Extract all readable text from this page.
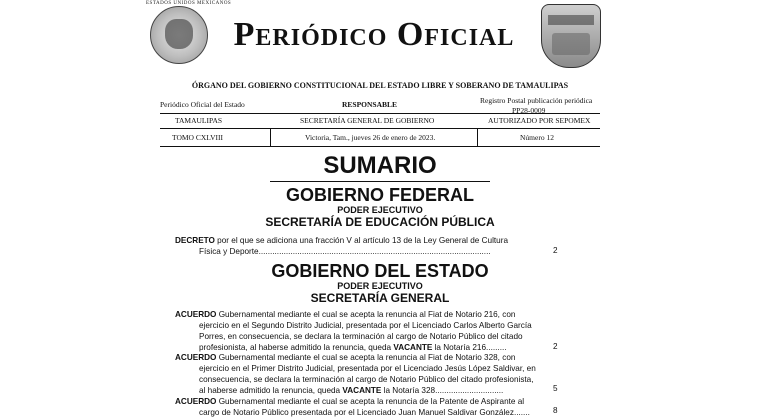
ESTADOS UNIDOS MEXICANOS
Periódico Oficial
ÓRGANO DEL GOBIERNO CONSTITUCIONAL DEL ESTADO LIBRE Y SOBERANO DE TAMAULIPAS
Periódico Oficial del Estado	RESPONSABLE	Registro Postal publicación periódica
PP28-0009
TAMAULIPAS	SECRETARÍA GENERAL DE GOBIERNO	AUTORIZADO POR SEPOMEX
TOMO CXLVIII	Victoria, Tam., jueves 26 de enero de 2023.	Número 12
SUMARIO
GOBIERNO FEDERAL
PODER EJECUTIVO
SECRETARÍA DE EDUCACIÓN PÚBLICA
DECRETO por el que se adiciona una fracción V al artículo 13 de la Ley General de Cultura
Física y Deporte......................................................................................................	2
GOBIERNO DEL ESTADO
PODER EJECUTIVO
SECRETARÍA GENERAL
ACUERDO Gubernamental mediante el cual se acepta la renuncia al Fiat de Notario 216, con
ejercicio en el Segundo Distrito Judicial, presentada por el Licenciado Carlos Alberto García
Porres, en consecuencia, se declara la terminación al cargo de Notario Público del citado
profesionista, al haberse admitido la renuncia, queda VACANTE la Notaría 216.........	2
ACUERDO Gubernamental mediante el cual se acepta la renuncia al Fiat de Notario 328, con
ejercicio en el Primer Distrito Judicial, presentada por el Licenciado Jesús López Saldivar, en
consecuencia, se declara la terminación al cargo de Notario Público del citado profesionista,
al haberse admitido la renuncia, queda VACANTE la Notaría 328..............................	5
ACUERDO Gubernamental mediante el cual se acepta la renuncia de la Patente de Aspirante al
cargo de Notario Público presentada por el Licenciado Juan Manuel Saldivar González.......	8
